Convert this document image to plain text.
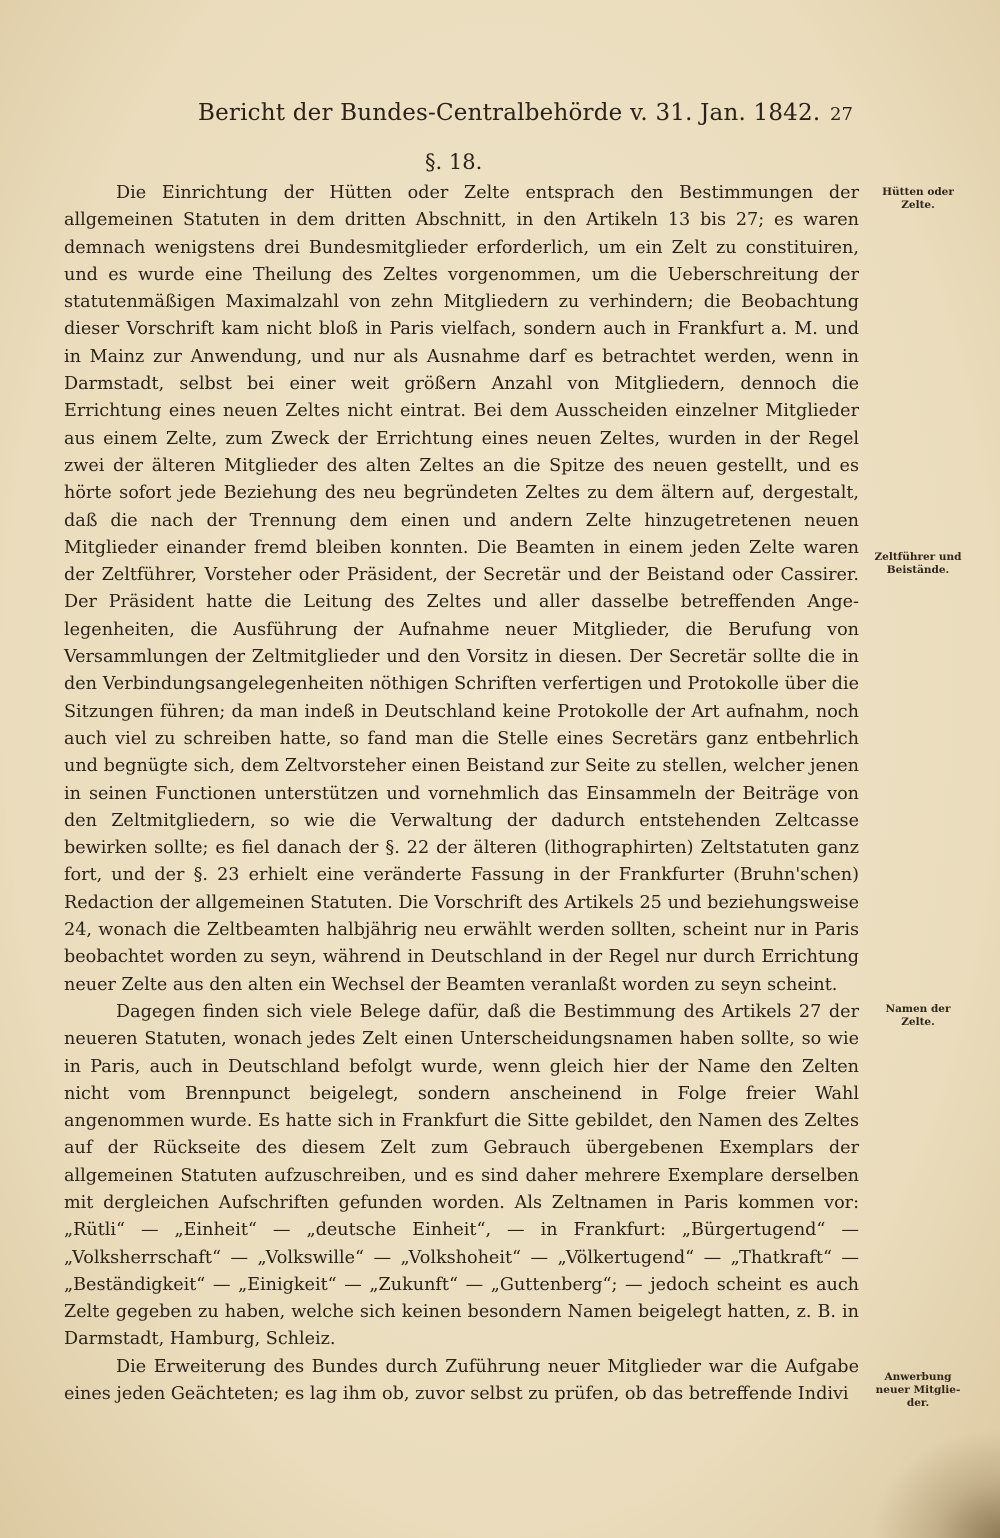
Bericht der Bundes-Centralbehörde v. 31. Jan. 1842. 27
§. 18.

Die Einrichtung der Hütten oder Zelte entsprach den Bestimmungen der allgemeinen Statuten in dem dritten Abschnitt, in den Artikeln 13 bis 27; es waren demnach wenigstens drei Bundesmitglieder erforderlich, um ein Zelt zu constituiren, und es wurde eine Theilung des Zeltes vorgenommen, um die Ueberschreitung der statutenmäßigen Maximalzahl von zehn Mitgliedern zu verhindern; die Beobachtung dieser Vorschrift kam nicht bloß in Paris vielfach, sondern auch in Frankfurt a. M. und in Mainz zur Anwendung, und nur als Ausnahme darf es betrachtet werden, wenn in Darmstadt, selbst bei einer weit größern Anzahl von Mitgliedern, dennoch die Errichtung eines neuen Zeltes nicht eintrat. Bei dem Ausscheiden einzelner Mitglieder aus einem Zelte, zum Zweck der Errichtung eines neuen Zeltes, wurden in der Regel zwei der älteren Mitglieder des alten Zeltes an die Spitze des neuen gestellt, und es hörte sofort jede Beziehung des neu begründeten Zeltes zu dem ältern auf, dergestalt, daß die nach der Trennung dem einen und andern Zelte hinzugetretenen neuen Mitglieder einander fremd bleiben konnten. Die Beamten in einem jeden Zelte waren der Zeltführer, Vorsteher oder Präsident, der Secretär und der Beistand oder Cassirer. Der Präsident hatte die Leitung des Zeltes und aller dasselbe betreffenden Angelegenheiten, die Ausführung der Aufnahme neuer Mitglieder, die Berufung von Versammlungen der Zeltmitglieder und den Vorsitz in diesen. Der Secretär sollte die in den Verbindungsangelegenheiten nöthigen Schriften verfertigen und Protokolle über die Sitzungen führen; da man indeß in Deutschland keine Protokolle der Art aufnahm, noch auch viel zu schreiben hatte, so fand man die Stelle eines Secretärs ganz entbehrlich und begnügte sich, dem Zeltvorsteher einen Beistand zur Seite zu stellen, welcher jenen in seinen Functionen unterstützen und vornehmlich das Einsammeln der Beiträge von den Zeltmitgliedern, so wie die Verwaltung der dadurch entstehenden Zeltcasse bewirken sollte; es fiel danach der §. 22 der älteren (lithographirten) Zeltstatuten ganz fort, und der §. 23 erhielt eine veränderte Fassung in der Frankfurter (Bruhn'schen) Redaction der allgemeinen Statuten. Die Vorschrift des Artikels 25 und beziehungsweise 24, wonach die Zeltbeamten halbjährig neu erwählt werden sollten, scheint nur in Paris beobachtet worden zu seyn, während in Deutschland in der Regel nur durch Errichtung neuer Zelte aus den alten ein Wechsel der Beamten veranlaßt worden zu seyn scheint.

Dagegen finden sich viele Belege dafür, daß die Bestimmung des Artikels 27 der neueren Statuten, wonach jedes Zelt einen Unterscheidungsnamen haben sollte, so wie in Paris, auch in Deutschland befolgt wurde, wenn gleich hier der Name den Zelten nicht vom Brennpunct beigelegt, sondern anscheinend in Folge freier Wahl angenommen wurde. Es hatte sich in Frankfurt die Sitte gebildet, den Namen des Zeltes auf der Rückseite des diesem Zelt zum Gebrauch übergebenen Exemplars der allgemeinen Statuten aufzuschreiben, und es sind daher mehrere Exemplare derselben mit dergleichen Aufschriften gefunden worden. Als Zeltnamen in Paris kommen vor: „Rütli“ — „Einheit“ — „deutsche Einheit“, — in Frankfurt: „Bürgertugend“ — „Volksherrschaft“ — „Volkswille“ — „Volkshoheit“ — „Völkertugend“ — „Thatkraft“ — „Beständigkeit“ — „Einigkeit“ — „Zukunft“ — „Guttenberg“; — jedoch scheint es auch Zelte gegeben zu haben, welche sich keinen besondern Namen beigelegt hatten, z. B. in Darmstadt, Hamburg, Schleiz.

Die Erweiterung des Bundes durch Zuführung neuer Mitglieder war die Aufgabe eines jeden Geächteten; es lag ihm ob, zuvor selbst zu prüfen, ob das betreffende Indivi

Hütten oder Zelte.
Zeltführer und Beistände.
Namen der Zelte.
Anwerbung neuer Mitglieder.
